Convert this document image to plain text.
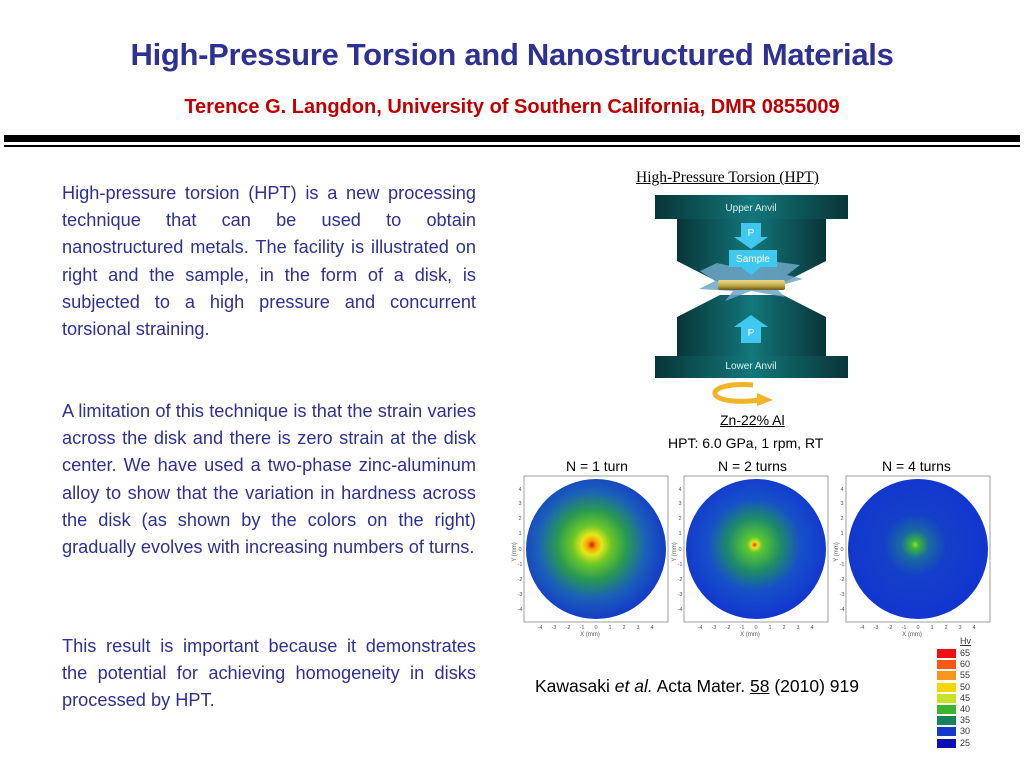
High-Pressure Torsion and Nanostructured Materials
Terence G. Langdon, University of Southern California, DMR 0855009

High-pressure torsion (HPT) is a new processing technique that can be used to obtain nanostructured metals. The facility is illustrated on right and the sample, in the form of a disk, is subjected to a high pressure and concurrent torsional straining.

A limitation of this technique is that the strain varies across the disk and there is zero strain at the disk center. We have used a two-phase zinc-aluminum alloy to show that the variation in hardness across the disk (as shown by the colors on the right) gradually evolves with increasing numbers of turns.

This result is important because it demonstrates the potential for achieving homogeneity in disks processed by HPT.

High-Pressure Torsion (HPT)
Upper Anvil
Lower Anvil
P
Sample
P
Zn-22% Al
HPT: 6.0 GPa, 1 rpm, RT
N = 1 turn	N = 2 turns	N = 4 turns
X (mm)
Y (mm)
-4 -3 -2 -1 0 1 2 3 4
4
3
2
1
0
-1
-2
-3
-4
X (mm)
Y (mm)
-4 -3 -2 -1 0 1 2 3 4
4
3
2
1
0
-1
-2
-3
-4
X (mm)
Y (mm)
-4 -3 -2 -1 0 1 2 3 4
4
3
2
1
0
-1
-2
-3
-4
Hv
65
60
55
50
45
40
35
30
25
Kawasaki et al. Acta Mater. 58 (2010) 919
